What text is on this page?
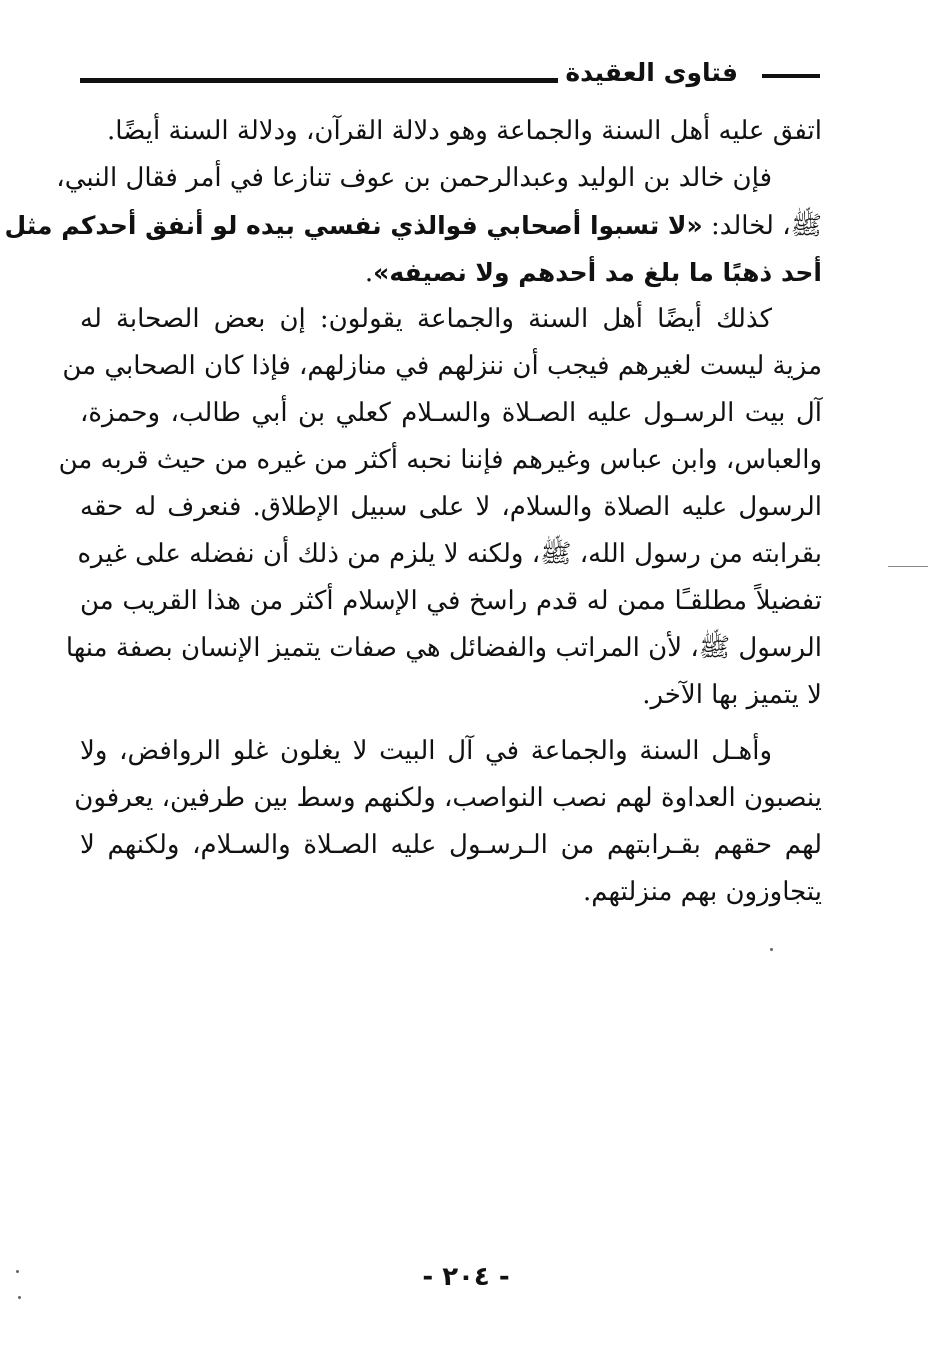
فتاوى العقيدة
اتفق عليه أهل السنة والجماعة وهو دلالة القرآن، ودلالة السنة أيضًا.
فإن خالد بن الوليد وعبدالرحمن بن عوف تنازعا في أمر فقال النبي،
ﷺ، لخالد: «لا تسبوا أصحابي فوالذي نفسي بيده لو أنفق أحدكم مثل
أحد ذهبًا ما بلغ مد أحدهم ولا نصيفه».
كذلك أيضًا أهل السنة والجماعة يقولون: إن بعض الصحابة له
مزية ليست لغيرهم فيجب أن ننزلهم في منازلهم، فإذا كان الصحابي من
آل بيت الرسـول عليه الصـلاة والسـلام كعلي بن أبي طالب، وحمزة،
والعباس، وابن عباس وغيرهم فإننا نحبه أكثر من غيره من حيث قربه من
الرسول عليه الصلاة والسلام، لا على سبيل الإطلاق. فنعرف له حقه
بقرابته من رسول الله، ﷺ، ولكنه لا يلزم من ذلك أن نفضله على غيره
تفضيلاً مطلقـًا ممن له قدم راسخ في الإسلام أكثر من هذا القريب من
الرسول ﷺ، لأن المراتب والفضائل هي صفات يتميز الإنسان بصفة منها
لا يتميز بها الآخر.
وأهـل السنة والجماعة في آل البيت لا يغلون غلو الروافض، ولا
ينصبون العداوة لهم نصب النواصب، ولكنهم وسط بين طرفين، يعرفون
لهم حقهم بقـرابتهم من الـرسـول عليه الصـلاة والسـلام، ولكنهم لا
يتجاوزون بهم منزلتهم.
- ٢٠٤ -
